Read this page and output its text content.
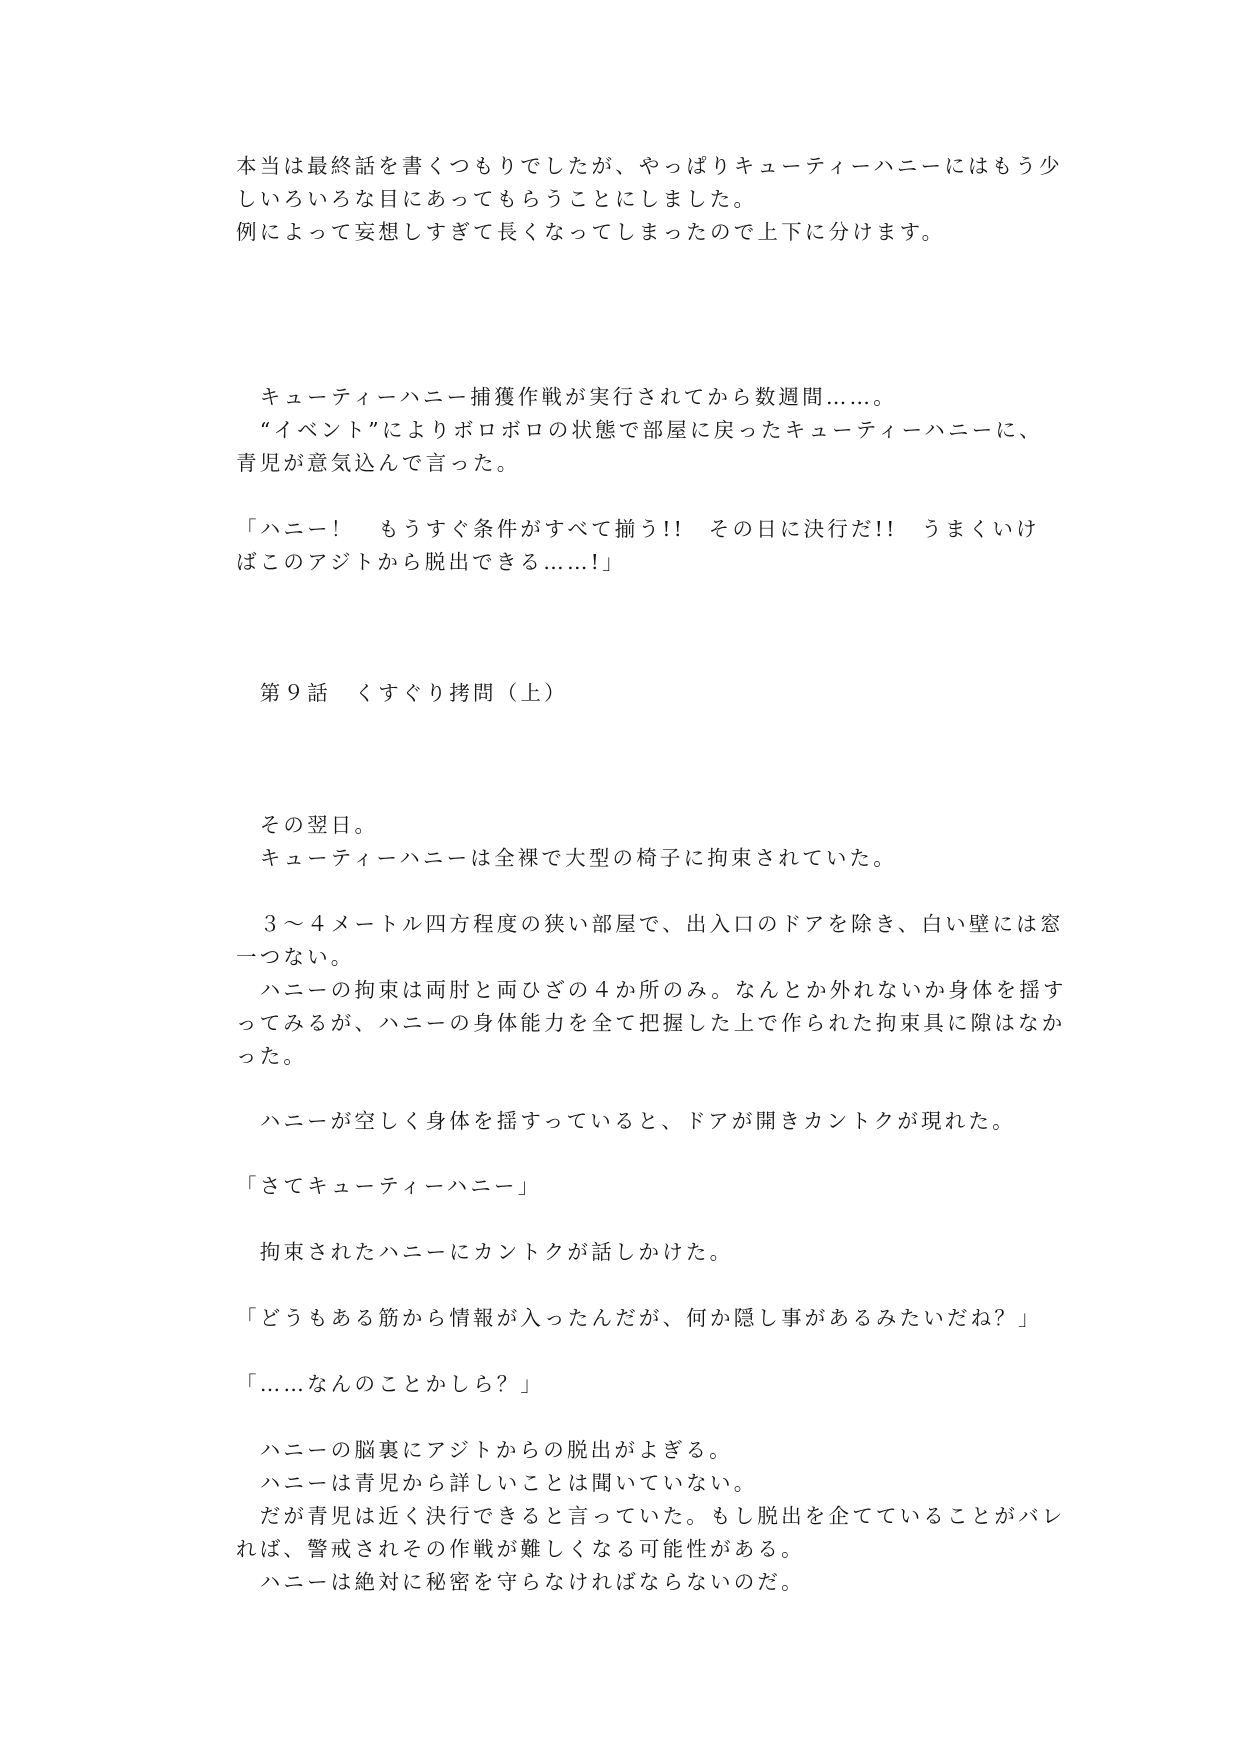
本当は最終話を書くつもりでしたが、やっぱりキューティーハニーにはもう少
しいろいろな目にあってもらうことにしました。
例によって妄想しすぎて長くなってしまったので上下に分けます。
　キューティーハニー捕獲作戦が実行されてから数週間……。
　“イベント”によりボロボロの状態で部屋に戻ったキューティーハニーに、
青児が意気込んで言った。
「ハニー！　もうすぐ条件がすべて揃う!!　その日に決行だ!!　うまくいけ
ばこのアジトから脱出できる……!」
　第９話　くすぐり拷問（上）
　その翌日。
　キューティーハニーは全裸で大型の椅子に拘束されていた。
　３～４メートル四方程度の狭い部屋で、出入口のドアを除き、白い壁には窓
一つない。
　ハニーの拘束は両肘と両ひざの４か所のみ。なんとか外れないか身体を揺す
ってみるが、ハニーの身体能力を全て把握した上で作られた拘束具に隙はなか
った。
　ハニーが空しく身体を揺すっていると、ドアが開きカントクが現れた。
「さてキューティーハニー」
　拘束されたハニーにカントクが話しかけた。
「どうもある筋から情報が入ったんだが、何か隠し事があるみたいだね？」
「……なんのことかしら？」
　ハニーの脳裏にアジトからの脱出がよぎる。
　ハニーは青児から詳しいことは聞いていない。
　だが青児は近く決行できると言っていた。もし脱出を企てていることがバレ
れば、警戒されその作戦が難しくなる可能性がある。
　ハニーは絶対に秘密を守らなければならないのだ。
